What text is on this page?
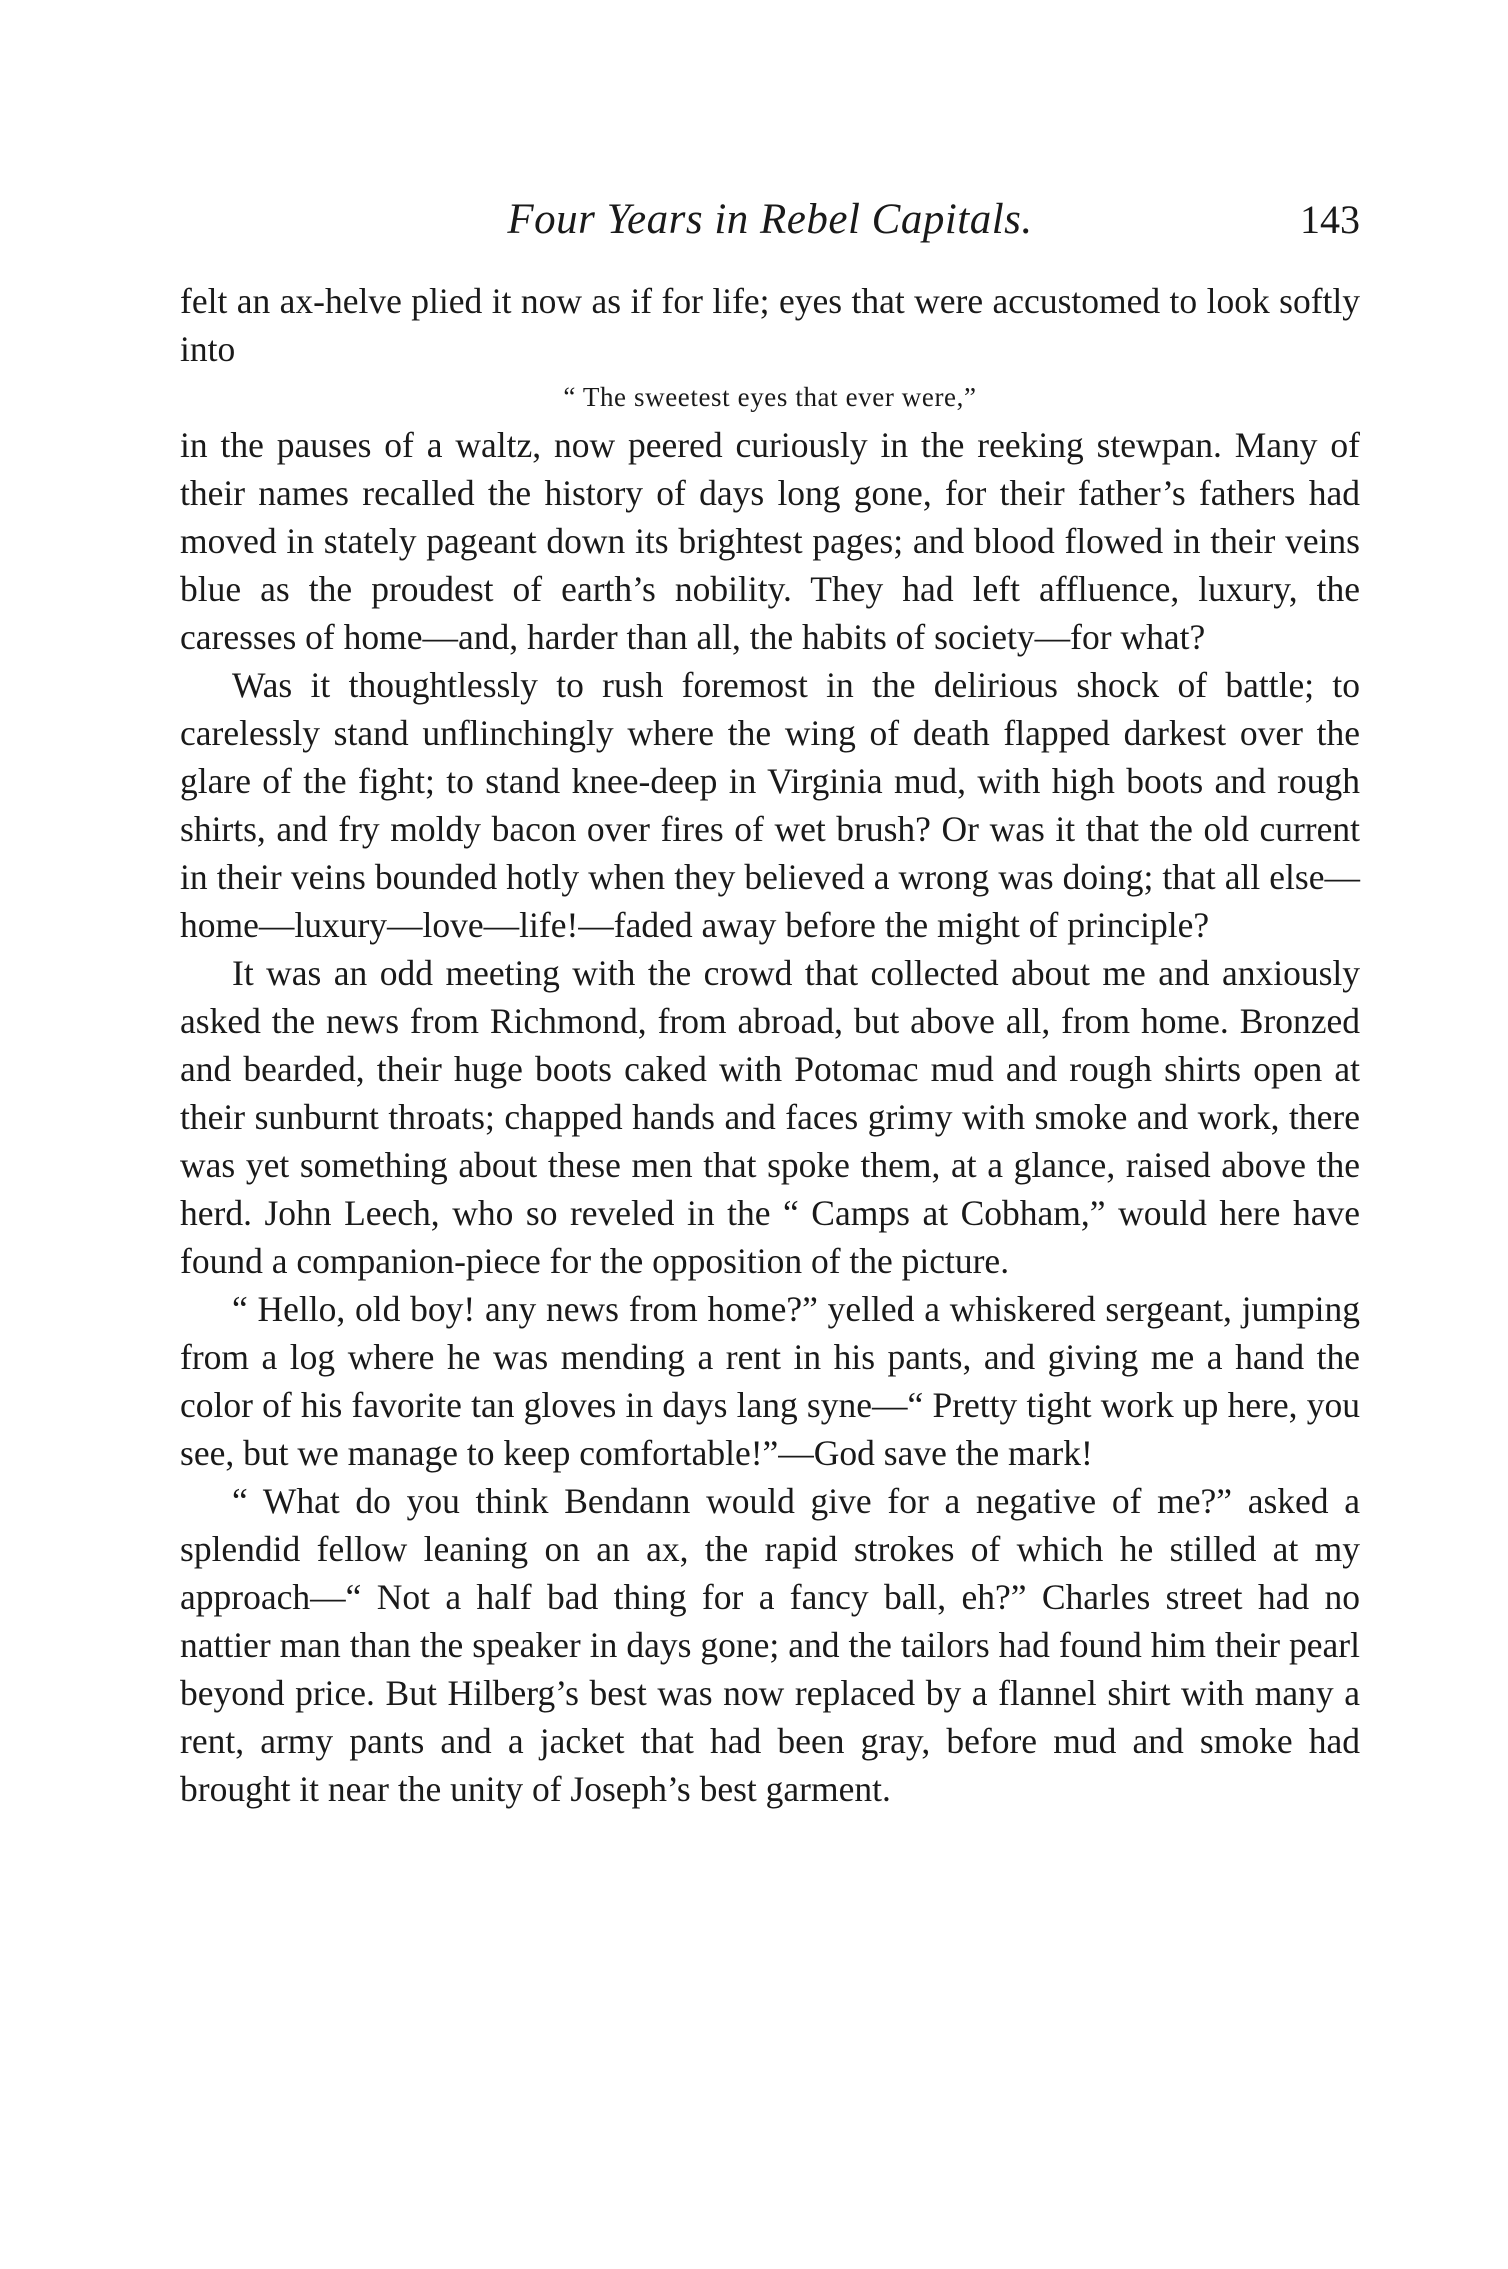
Four Years in Rebel Capitals.	143

felt an ax-helve plied it now as if for life; eyes that were accustomed to look softly into

“ The sweetest eyes that ever were,”

in the pauses of a waltz, now peered curiously in the reeking stewpan. Many of their names recalled the history of days long gone, for their father’s fathers had moved in stately pageant down its brightest pages; and blood flowed in their veins blue as the proudest of earth’s nobility. They had left affluence, luxury, the caresses of home—and, harder than all, the habits of society—for what?

Was it thoughtlessly to rush foremost in the delirious shock of battle; to carelessly stand unflinchingly where the wing of death flapped darkest over the glare of the fight; to stand knee-deep in Virginia mud, with high boots and rough shirts, and fry moldy bacon over fires of wet brush? Or was it that the old current in their veins bounded hotly when they believed a wrong was doing; that all else—home—luxury—love—life!—faded away before the might of principle?

It was an odd meeting with the crowd that collected about me and anxiously asked the news from Richmond, from abroad, but above all, from home. Bronzed and bearded, their huge boots caked with Potomac mud and rough shirts open at their sunburnt throats; chapped hands and faces grimy with smoke and work, there was yet something about these men that spoke them, at a glance, raised above the herd. John Leech, who so reveled in the “ Camps at Cobham,” would here have found a companion-piece for the opposition of the picture.

“ Hello, old boy! any news from home?” yelled a whiskered sergeant, jumping from a log where he was mending a rent in his pants, and giving me a hand the color of his favorite tan gloves in days lang syne—“ Pretty tight work up here, you see, but we manage to keep comfortable!”—God save the mark!

“ What do you think Bendann would give for a negative of me?” asked a splendid fellow leaning on an ax, the rapid strokes of which he stilled at my approach—“ Not a half bad thing for a fancy ball, eh?” Charles street had no nattier man than the speaker in days gone; and the tailors had found him their pearl beyond price. But Hilberg’s best was now replaced by a flannel shirt with many a rent, army pants and a jacket that had been gray, before mud and smoke had brought it near the unity of Joseph’s best garment.
